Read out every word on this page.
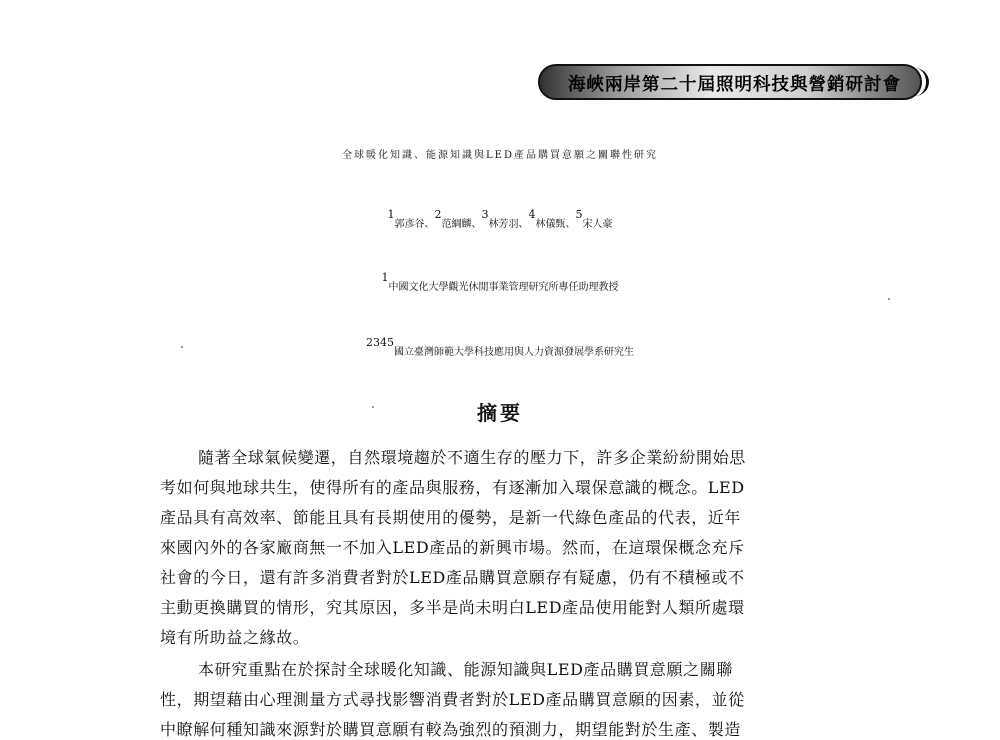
海峽兩岸第二十屆照明科技與營銷研討會
全球暖化知識、能源知識與LED產品購買意願之關聯性研究
$^1$郭彥谷、$^2$范綱麟、$^3$林芳羽、$^4$林儀甄、$^5$宋人豪
$^1$中國文化大學觀光休閒事業管理研究所專任助理教授
$^{2345}$國立臺灣師範大學科技應用與人力資源發展學系研究生
摘要
隨著全球氣候變遷，自然環境趨於不適生存的壓力下，許多企業紛紛開始思
考如何與地球共生，使得所有的產品與服務，有逐漸加入環保意識的概念。LED
產品具有高效率、節能且具有長期使用的優勢，是新一代綠色產品的代表，近年
來國內外的各家廠商無一不加入LED產品的新興市場。然而，在這環保概念充斥
社會的今日，還有許多消費者對於LED產品購買意願存有疑慮，仍有不積極或不
主動更換購買的情形，究其原因，多半是尚未明白LED產品使用能對人類所處環
境有所助益之緣故。
本研究重點在於探討全球暖化知識、能源知識與LED產品購買意願之關聯
性，期望藉由心理測量方式尋找影響消費者對於LED產品購買意願的因素，並從
中瞭解何種知識來源對於購買意願有較為強烈的預測力，期望能對於生產、製造
